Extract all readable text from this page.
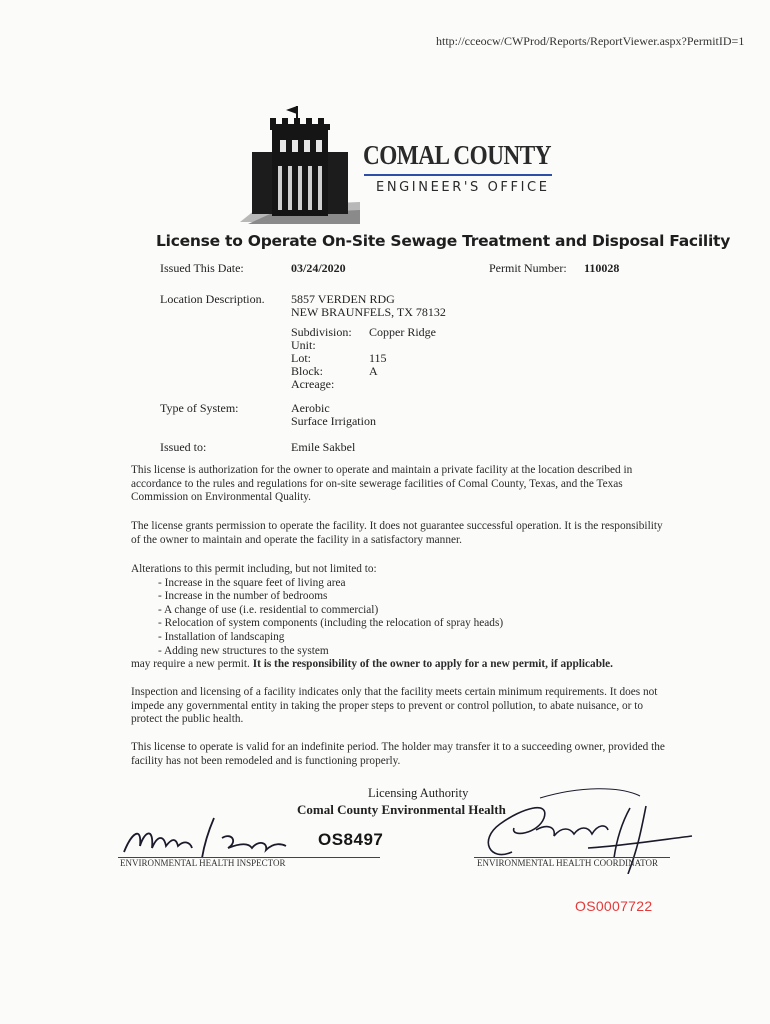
http://cceocw/CWProd/Reports/ReportViewer.aspx?PermitID=1
COMAL COUNTY
ENGINEER'S OFFICE
License to Operate On-Site Sewage Treatment and Disposal Facility
Issued This Date:	03/24/2020	Permit Number: 110028
Location Description. 5857 VERDEN RDG
NEW BRAUNFELS, TX 78132
Subdivision: Copper Ridge
Unit:
Lot:	115
Block:	A
Acreage:
Type of System:	Aerobic
Surface Irrigation
Issued to:	Emile Sakbel

This license is authorization for the owner to operate and maintain a private facility at the location described in accordance to the rules and regulations for on-site sewerage facilities of Comal County, Texas, and the Texas Commission on Environmental Quality.

The license grants permission to operate the facility. It does not guarantee successful operation. It is the responsibility of the owner to maintain and operate the facility in a satisfactory manner.

Alterations to this permit including, but not limited to:

- Increase in the square feet of living area
- Increase in the number of bedrooms
- A change of use (i.e. residential to commercial)
- Relocation of system components (including the relocation of spray heads)
- Installation of landscaping
- Adding new structures to the system

may require a new permit. It is the responsibility of the owner to apply for a new permit, if applicable.

Inspection and licensing of a facility indicates only that the facility meets certain minimum requirements. It does not impede any governmental entity in taking the proper steps to prevent or control pollution, to abate nuisance, or to protect the public health.

This license to operate is valid for an indefinite period. The holder may transfer it to a succeeding owner, provided the facility has not been remodeled and is functioning properly.

Licensing Authority
Comal County Environmental Health
OS8497
ENVIRONMENTAL HEALTH INSPECTOR	ENVIRONMENTAL HEALTH COORDINATOR
OS0007722
